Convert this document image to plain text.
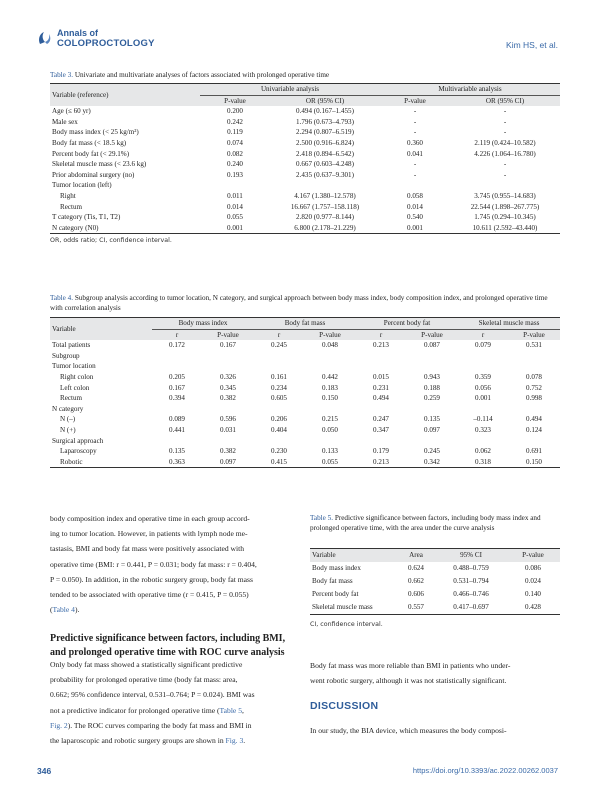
Annals of
COLOPROCTOLOGY	Kim HS, et al.
Table 3. Univariate and multivariate analyses of factors associated with prolonged operative time
Variable (reference)	Univariable analysis		Multivariable analysis	
	P-value	OR (95% CI)	P-value	OR (95% CI)
Age (≤ 60 yr)	0.200	0.494 (0.167–1.455)	-	-
Male sex	0.242	1.796 (0.673–4.793)	-	-
Body mass index (< 25 kg/m²)	0.119	2.294 (0.807–6.519)	-	-
Body fat mass (< 18.5 kg)	0.074	2.500 (0.916–6.824)	0.360	2.119 (0.424–10.582)
Percent body fat (< 29.1%)	0.082	2.418 (0.894–6.542)	0.041	4.226 (1.064–16.780)
Skeletal muscle mass (< 23.6 kg)	0.240	0.667 (0.603–4.248)	-	-
Prior abdominal surgery (no)	0.193	2.435 (0.637–9.301)	-	-
Tumor location (left)				
Right	0.011	4.167 (1.380–12.578)	0.058	3.745 (0.955–14.683)
Rectum	0.014	16.667 (1.757–158.118)	0.014	22.544 (1.898–267.775)
T category (Tis, T1, T2)	0.055	2.820 (0.977–8.144)	0.540	1.745 (0.294–10.345)
N category (N0)	0.001	6.800 (2.178–21.229)	0.001	10.611 (2.592–43.440)
OR, odds ratio; CI, confidence interval.
Table 4. Subgroup analysis according to tumor location, N category, and surgical approach between body mass index, body composition index, and prolonged operative time with correlation analysis
Variable	Body mass index		Body fat mass		Percent body fat		Skeletal muscle mass	
	r	P-value	r	P-value	r	P-value	r	P-value
Total patients	0.172	0.167	0.245	0.048	0.213	0.087	0.079	0.531
Subgroup								
Tumor location								
Right colon	0.205	0.326	0.161	0.442	0.015	0.943	0.359	0.078
Left colon	0.167	0.345	0.234	0.183	0.231	0.188	0.056	0.752
Rectum	0.394	0.382	0.605	0.150	0.494	0.259	0.001	0.998
N category								
N (–)	0.089	0.596	0.206	0.215	0.247	0.135	–0.114	0.494
N (+)	0.441	0.031	0.404	0.050	0.347	0.097	0.323	0.124
Surgical approach								
Laparoscopy	0.135	0.382	0.230	0.133	0.179	0.245	0.062	0.691
Robotic	0.363	0.097	0.415	0.055	0.213	0.342	0.318	0.150
body composition index and operative time in each group accord-
ing to tumor location. However, in patients with lymph node me-
tastasis, BMI and body fat mass were positively associated with
operative time (BMI: r = 0.441, P = 0.031; body fat mass: r = 0.404,
P = 0.050). In addition, in the robotic surgery group, body fat mass
tended to be associated with operative time (r = 0.415, P = 0.055)
(Table 4).
Predictive significance between factors, including BMI,
and prolonged operative time with ROC curve analysis
Only body fat mass showed a statistically significant predictive
probability for prolonged operative time (body fat mass: area,
0.662; 95% confidence interval, 0.531–0.764; P = 0.024). BMI was
not a predictive indicator for prolonged operative time (Table 5,
Fig. 2). The ROC curves comparing the body fat mass and BMI in
the laparoscopic and robotic surgery groups are shown in Fig. 3.
Table 5. Predictive significance between factors, including body mass index and prolonged operative time, with the area under the curve analysis
Variable	Area	95% CI	P-value
Body mass index	0.624	0.488–0.759	0.086
Body fat mass	0.662	0.531–0.794	0.024
Percent body fat	0.606	0.466–0.746	0.140
Skeletal muscle mass	0.557	0.417–0.697	0.428
CI, confidence interval.
Body fat mass was more reliable than BMI in patients who under-
went robotic surgery, although it was not statistically significant.
DISCUSSION
In our study, the BIA device, which measures the body composi-
346	https://doi.org/10.3393/ac.2022.00262.0037
